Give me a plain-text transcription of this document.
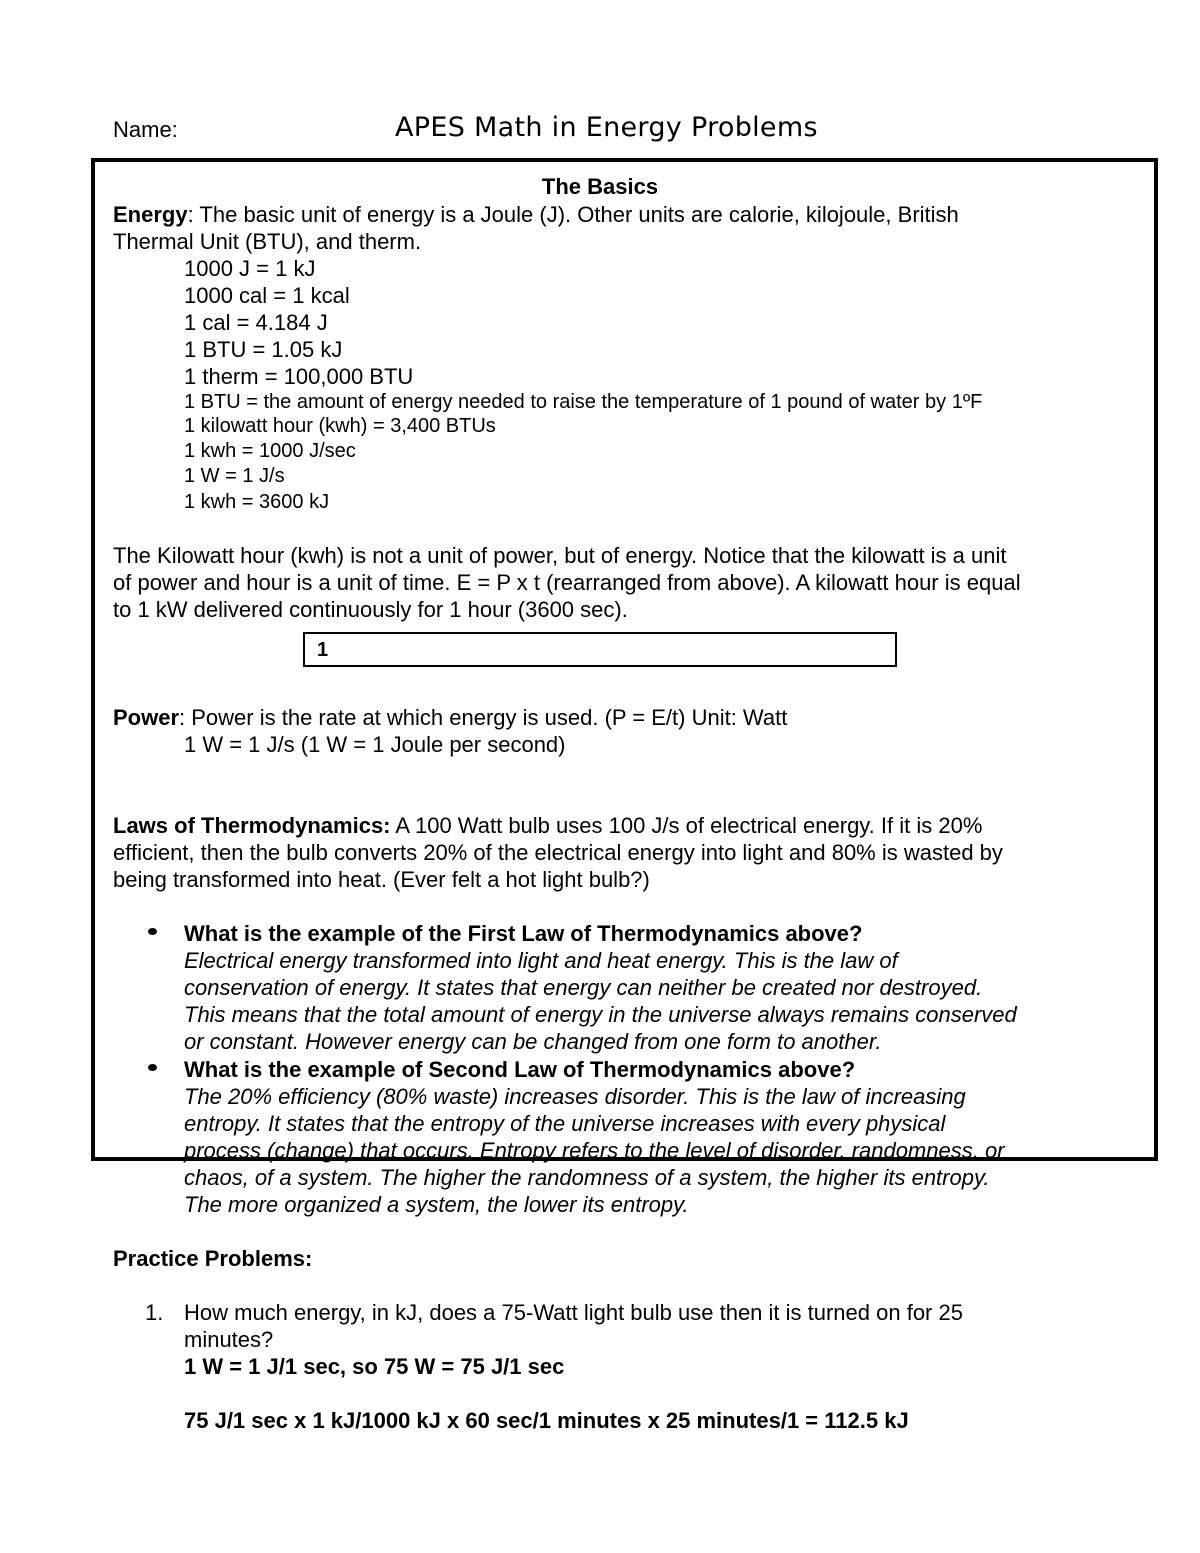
Name:	APES Math in Energy Problems
The Basics
Energy: The basic unit of energy is a Joule (J). Other units are calorie, kilojoule, British
Thermal Unit (BTU), and therm.
1000 J = 1 kJ
1000 cal = 1 kcal
1 cal = 4.184 J
1 BTU = 1.05 kJ
1 therm = 100,000 BTU
1 BTU = the amount of energy needed to raise the temperature of 1 pound of water by 1ºF
1 kilowatt hour (kwh) = 3,400 BTUs
1 kwh = 1000 J/sec
1 W = 1 J/s
1 kwh = 3600 kJ
The Kilowatt hour (kwh) is not a unit of power, but of energy. Notice that the kilowatt is a unit
of power and hour is a unit of time. E = P x t (rearranged from above). A kilowatt hour is equal
to 1 kW delivered continuously for 1 hour (3600 sec).
1
Power: Power is the rate at which energy is used. (P = E/t) Unit: Watt
1 W = 1 J/s (1 W = 1 Joule per second)
Laws of Thermodynamics: A 100 Watt bulb uses 100 J/s of electrical energy. If it is 20%
efficient, then the bulb converts 20% of the electrical energy into light and 80% is wasted by
being transformed into heat. (Ever felt a hot light bulb?)
What is the example of the First Law of Thermodynamics above?
Electrical energy transformed into light and heat energy. This is the law of
conservation of energy. It states that energy can neither be created nor destroyed.
This means that the total amount of energy in the universe always remains conserved
or constant. However energy can be changed from one form to another.
What is the example of Second Law of Thermodynamics above?
The 20% efficiency (80% waste) increases disorder. This is the law of increasing
entropy. It states that the entropy of the universe increases with every physical
process (change) that occurs. Entropy refers to the level of disorder, randomness, or
chaos, of a system. The higher the randomness of a system, the higher its entropy.
The more organized a system, the lower its entropy.
Practice Problems:
1. How much energy, in kJ, does a 75-Watt light bulb use then it is turned on for 25
minutes?
1 W = 1 J/1 sec, so 75 W = 75 J/1 sec
75 J/1 sec x 1 kJ/1000 kJ x 60 sec/1 minutes x 25 minutes/1 = 112.5 kJ
